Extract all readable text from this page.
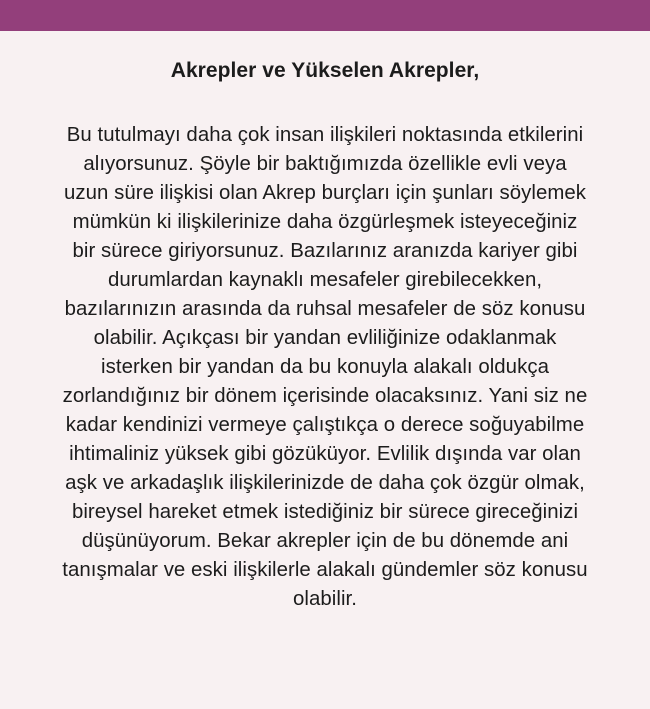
Akrepler ve Yükselen Akrepler,

Bu tutulmayı daha çok insan ilişkileri noktasında etkilerini
alıyorsunuz. Şöyle bir baktığımızda özellikle evli veya
uzun süre ilişkisi olan Akrep burçları için şunları söylemek
mümkün ki ilişkilerinize daha özgürleşmek isteyeceğiniz
bir sürece giriyorsunuz. Bazılarınız aranızda kariyer gibi
durumlardan kaynaklı mesafeler girebilecekken,
bazılarınızın arasında da ruhsal mesafeler de söz konusu
olabilir. Açıkçası bir yandan evliliğinize odaklanmak
isterken bir yandan da bu konuyla alakalı oldukça
zorlandığınız bir dönem içerisinde olacaksınız. Yani siz ne
kadar kendinizi vermeye çalıştıkça o derece soğuyabilme
ihtimaliniz yüksek gibi gözüküyor. Evlilik dışında var olan
aşk ve arkadaşlık ilişkilerinizde de daha çok özgür olmak,
bireysel hareket etmek istediğiniz bir sürece gireceğinizi
düşünüyorum. Bekar akrepler için de bu dönemde ani
tanışmalar ve eski ilişkilerle alakalı gündemler söz konusu
olabilir.
